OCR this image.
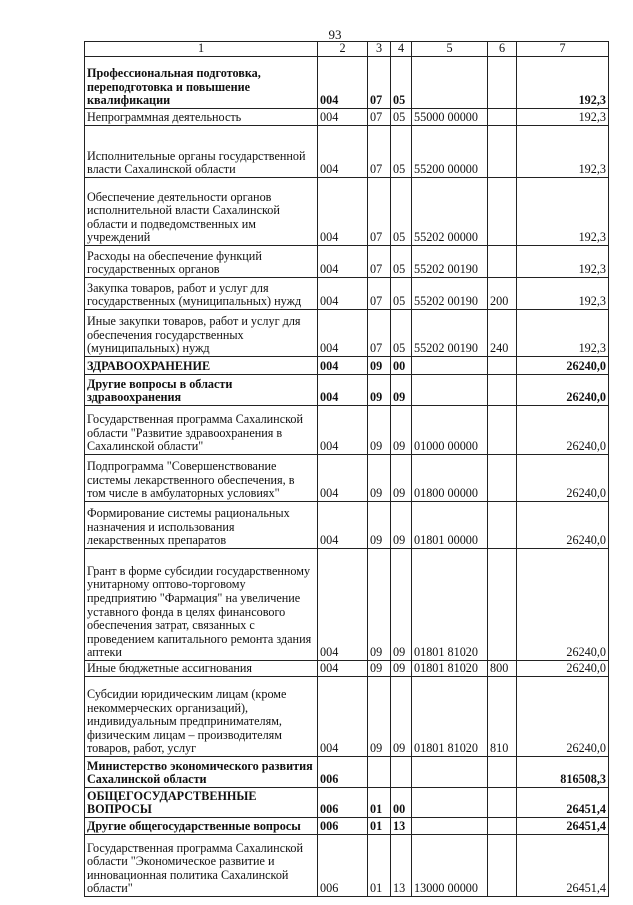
93
1	2	3	4	5	6	7
Профессиональная подготовка, переподготовка и повышение квалификации	004	07	05			192,3
Непрограммная деятельность	004	07	05	55000 00000		192,3
Исполнительные органы государственной власти Сахалинской области	004	07	05	55200 00000		192,3
Обеспечение деятельности органов исполнительной власти Сахалинской области и подведомственных им учреждений	004	07	05	55202 00000		192,3
Расходы на обеспечение функций государственных органов	004	07	05	55202 00190		192,3
Закупка товаров, работ и услуг для государственных (муниципальных) нужд	004	07	05	55202 00190	200	192,3
Иные закупки товаров, работ и услуг для обеспечения государственных (муниципальных) нужд	004	07	05	55202 00190	240	192,3
ЗДРАВООХРАНЕНИЕ	004	09	00			26240,0
Другие вопросы в области здравоохранения	004	09	09			26240,0
Государственная программа Сахалинской области "Развитие здравоохранения в Сахалинской области"	004	09	09	01000 00000		26240,0
Подпрограмма "Совершенствование системы лекарственного обеспечения, в том числе в амбулаторных условиях"	004	09	09	01800 00000		26240,0
Формирование системы рациональных назначения и использования лекарственных препаратов	004	09	09	01801 00000		26240,0
Грант в форме субсидии государственному унитарному оптово-торговому предприятию "Фармация" на увеличение уставного фонда в целях финансового обеспечения затрат, связанных с проведением капитального ремонта здания аптеки	004	09	09	01801 81020		26240,0
Иные бюджетные ассигнования	004	09	09	01801 81020	800	26240,0
Субсидии юридическим лицам (кроме некоммерческих организаций), индивидуальным предпринимателям, физическим лицам – производителям товаров, работ, услуг	004	09	09	01801 81020	810	26240,0
Министерство экономического развития Сахалинской области	006					816508,3
ОБЩЕГОСУДАРСТВЕННЫЕ ВОПРОСЫ	006	01	00			26451,4
Другие общегосударственные вопросы	006	01	13			26451,4
Государственная программа Сахалинской области "Экономическое развитие и инновационная политика Сахалинской области"	006	01	13	13000 00000		26451,4
